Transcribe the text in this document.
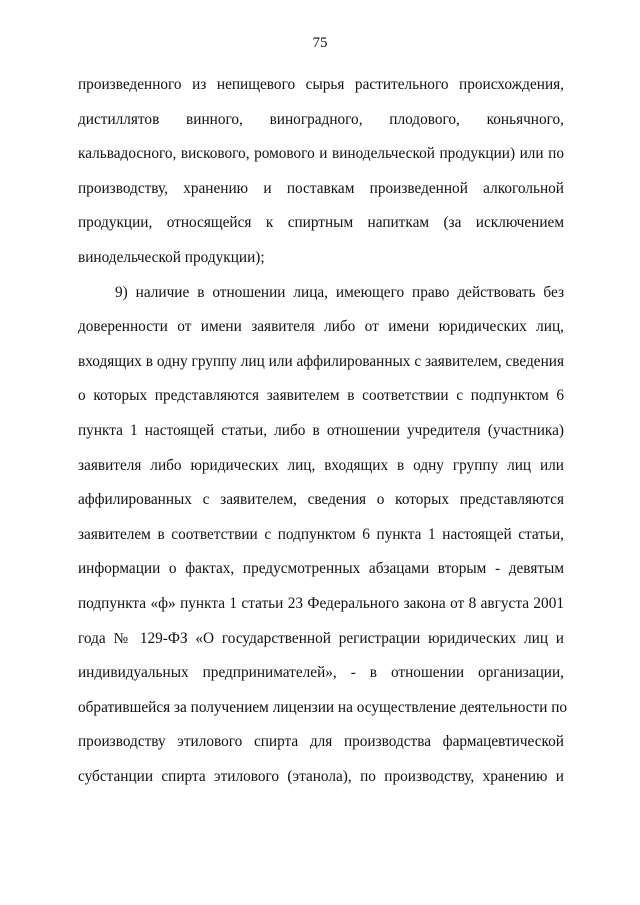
75
произведенного из непищевого сырья растительного происхождения,
дистиллятов винного, виноградного, плодового, коньячного,
кальвадосного, вискового, ромового и винодельческой продукции) или по
производству, хранению и поставкам произведенной алкогольной
продукции, относящейся к спиртным напиткам (за исключением
винодельческой продукции);
9) наличие в отношении лица, имеющего право действовать без
доверенности от имени заявителя либо от имени юридических лиц,
входящих в одну группу лиц или аффилированных с заявителем, сведения
о которых представляются заявителем в соответствии с подпунктом 6
пункта 1 настоящей статьи, либо в отношении учредителя (участника)
заявителя либо юридических лиц, входящих в одну группу лиц или
аффилированных с заявителем, сведения о которых представляются
заявителем в соответствии с подпунктом 6 пункта 1 настоящей статьи,
информации о фактах, предусмотренных абзацами вторым - девятым
подпункта «ф» пункта 1 статьи 23 Федерального закона от 8 августа 2001
года № 129-ФЗ «О государственной регистрации юридических лиц и
индивидуальных предпринимателей», - в отношении организации,
обратившейся за получением лицензии на осуществление деятельности по
производству этилового спирта для производства фармацевтической
субстанции спирта этилового (этанола), по производству, хранению и
